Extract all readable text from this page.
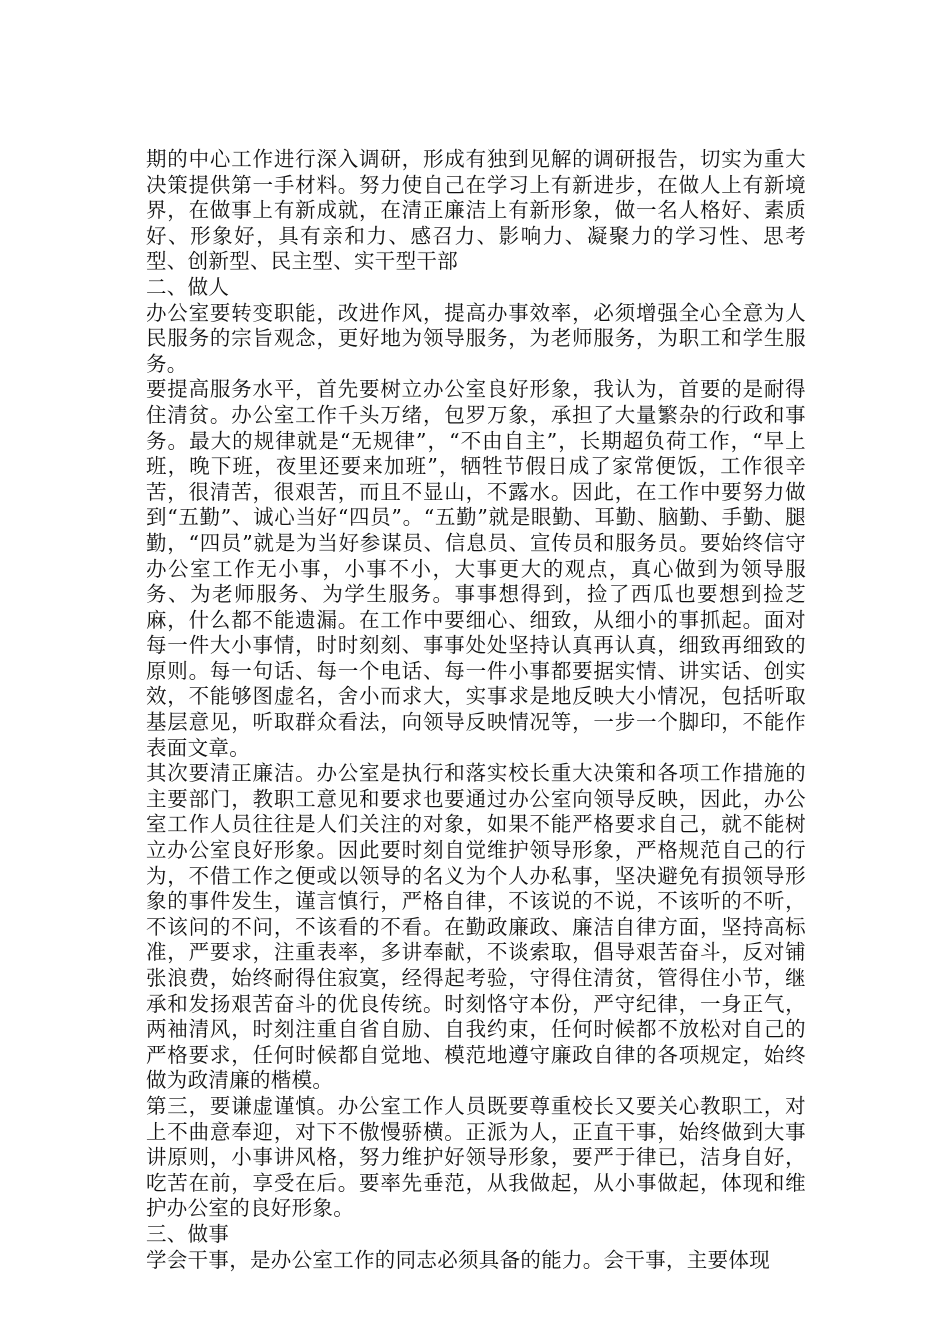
期的中心工作进行深入调研，形成有独到见解的调研报告，切实为重大决策提供第一手材料。努力使自己在学习上有新进步，在做人上有新境界，在做事上有新成就，在清正廉洁上有新形象，做一名人格好、素质好、形象好，具有亲和力、感召力、影响力、凝聚力的学习性、思考型、创新型、民主型、实干型干部

二、做人

办公室要转变职能，改进作风，提高办事效率，必须增强全心全意为人民服务的宗旨观念，更好地为领导服务，为老师服务，为职工和学生服务。

要提高服务水平，首先要树立办公室良好形象，我认为，首要的是耐得住清贫。办公室工作千头万绪，包罗万象，承担了大量繁杂的行政和事务。最大的规律就是“无规律”，“不由自主”，长期超负荷工作，“早上班，晚下班，夜里还要来加班”，牺牲节假日成了家常便饭，工作很辛苦，很清苦，很艰苦，而且不显山，不露水。因此，在工作中要努力做到“五勤”、诚心当好“四员”。“五勤”就是眼勤、耳勤、脑勤、手勤、腿勤，“四员”就是为当好参谋员、信息员、宣传员和服务员。要始终信守办公室工作无小事，小事不小，大事更大的观点，真心做到为领导服务、为老师服务、为学生服务。事事想得到，捡了西瓜也要想到捡芝麻，什么都不能遗漏。在工作中要细心、细致，从细小的事抓起。面对每一件大小事情，时时刻刻、事事处处坚持认真再认真，细致再细致的原则。每一句话、每一个电话、每一件小事都要据实情、讲实话、创实效，不能够图虚名，舍小而求大，实事求是地反映大小情况，包括听取基层意见，听取群众看法，向领导反映情况等，一步一个脚印，不能作表面文章。

其次要清正廉洁。办公室是执行和落实校长重大决策和各项工作措施的主要部门，教职工意见和要求也要通过办公室向领导反映，因此，办公室工作人员往往是人们关注的对象，如果不能严格要求自己，就不能树立办公室良好形象。因此要时刻自觉维护领导形象，严格规范自己的行为，不借工作之便或以领导的名义为个人办私事，坚决避免有损领导形象的事件发生，谨言慎行，严格自律，不该说的不说，不该听的不听，不该问的不问，不该看的不看。在勤政廉政、廉洁自律方面，坚持高标准，严要求，注重表率，多讲奉献，不谈索取，倡导艰苦奋斗，反对铺张浪费，始终耐得住寂寞，经得起考验，守得住清贫，管得住小节，继承和发扬艰苦奋斗的优良传统。时刻恪守本份，严守纪律，一身正气，两袖清风，时刻注重自省自励、自我约束，任何时候都不放松对自己的严格要求，任何时候都自觉地、模范地遵守廉政自律的各项规定，始终做为政清廉的楷模。

第三，要谦虚谨慎。办公室工作人员既要尊重校长又要关心教职工，对上不曲意奉迎，对下不傲慢骄横。正派为人，正直干事，始终做到大事讲原则，小事讲风格，努力维护好领导形象，要严于律已，洁身自好，吃苦在前，享受在后。要率先垂范，从我做起，从小事做起，体现和维护办公室的良好形象。

三、做事

学会干事，是办公室工作的同志必须具备的能力。会干事，主要体现
